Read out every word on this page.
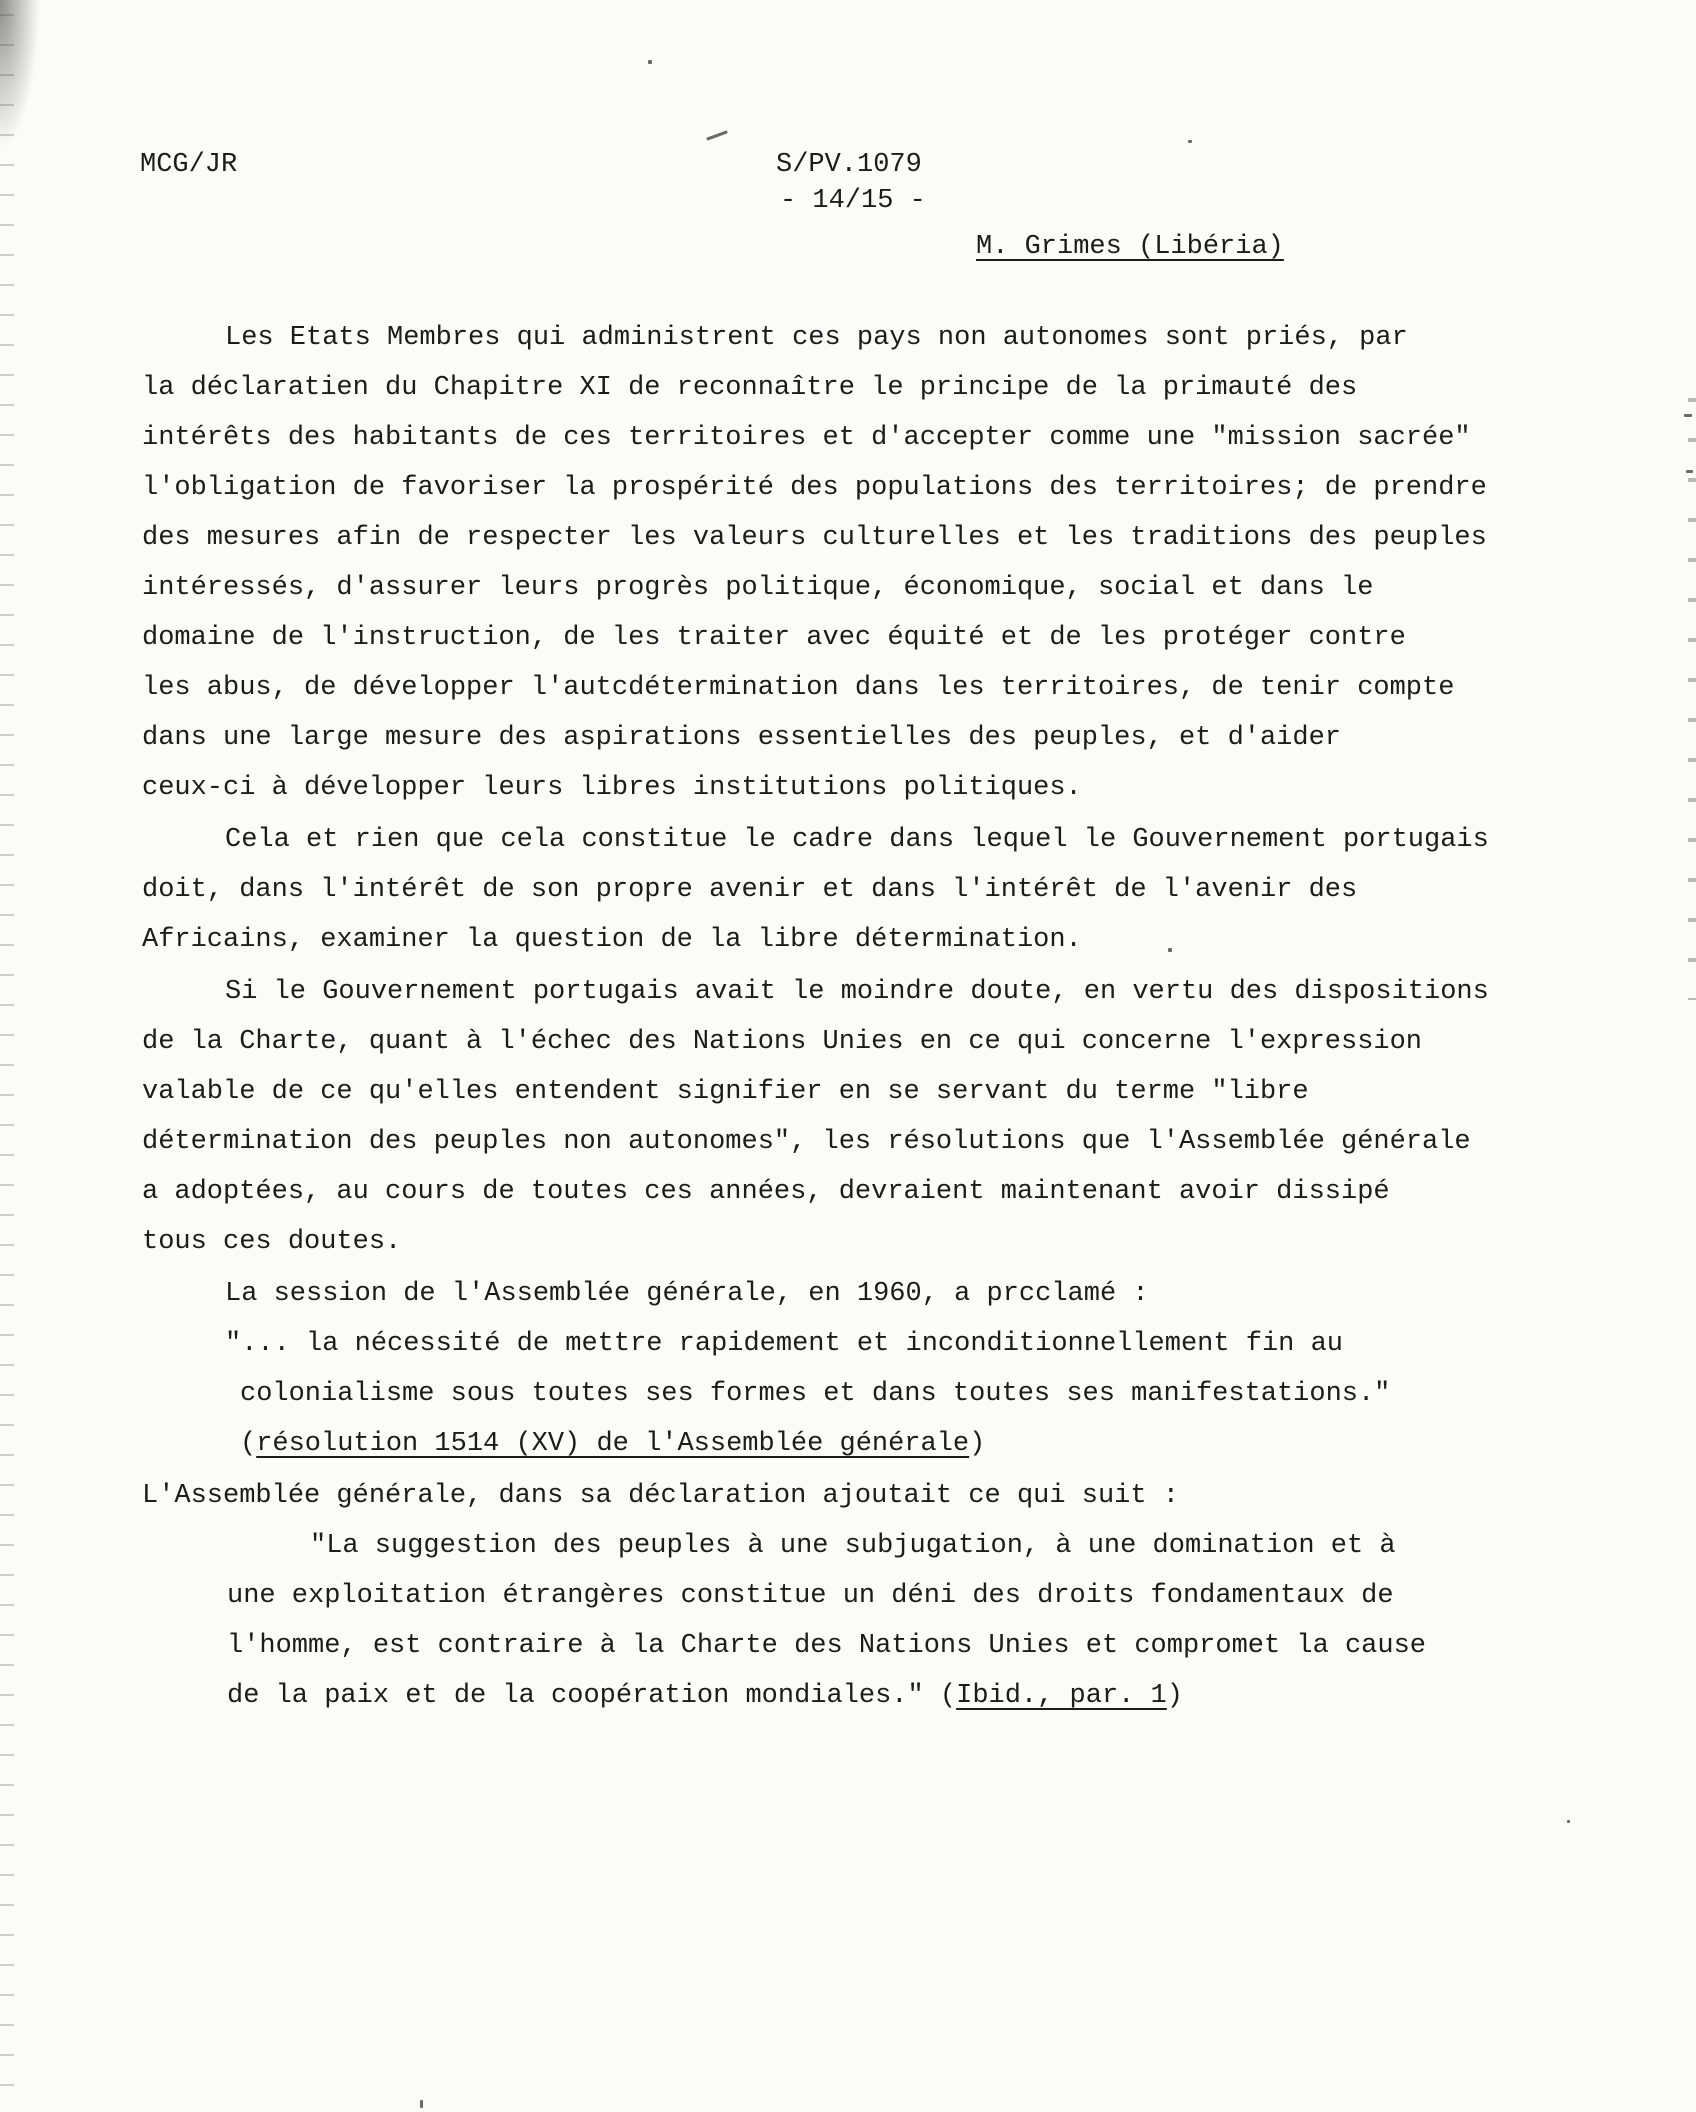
MCG/JR	S/PV.1079
- 14/15 -
M. Grimes (Libéria)
Les Etats Membres qui administrent ces pays non autonomes sont priés, par
la déclaratien du Chapitre XI de reconnaître le principe de la primauté des
intérêts des habitants de ces territoires et d'accepter comme une "mission sacrée"
l'obligation de favoriser la prospérité des populations des territoires; de prendre
des mesures afin de respecter les valeurs culturelles et les traditions des peuples
intéressés, d'assurer leurs progrès politique, économique, social et dans le
domaine de l'instruction, de les traiter avec équité et de les protéger contre
les abus, de développer l'autcdétermination dans les territoires, de tenir compte
dans une large mesure des aspirations essentielles des peuples, et d'aider
ceux-ci à développer leurs libres institutions politiques.
Cela et rien que cela constitue le cadre dans lequel le Gouvernement portugais
doit, dans l'intérêt de son propre avenir et dans l'intérêt de l'avenir des
Africains, examiner la question de la libre détermination.
Si le Gouvernement portugais avait le moindre doute, en vertu des dispositions
de la Charte, quant à l'échec des Nations Unies en ce qui concerne l'expression
valable de ce qu'elles entendent signifier en se servant du terme "libre
détermination des peuples non autonomes", les résolutions que l'Assemblée générale
a adoptées, au cours de toutes ces années, devraient maintenant avoir dissipé
tous ces doutes.
La session de l'Assemblée générale, en 1960, a prcclamé :
"... la nécessité de mettre rapidement et inconditionnellement fin au
colonialisme sous toutes ses formes et dans toutes ses manifestations."
(résolution 1514 (XV) de l'Assemblée générale)
L'Assemblée générale, dans sa déclaration ajoutait ce qui suit :
"La suggestion des peuples à une subjugation, à une domination et à
une exploitation étrangères constitue un déni des droits fondamentaux de
l'homme, est contraire à la Charte des Nations Unies et compromet la cause
de la paix et de la coopération mondiales." (Ibid., par. 1)
